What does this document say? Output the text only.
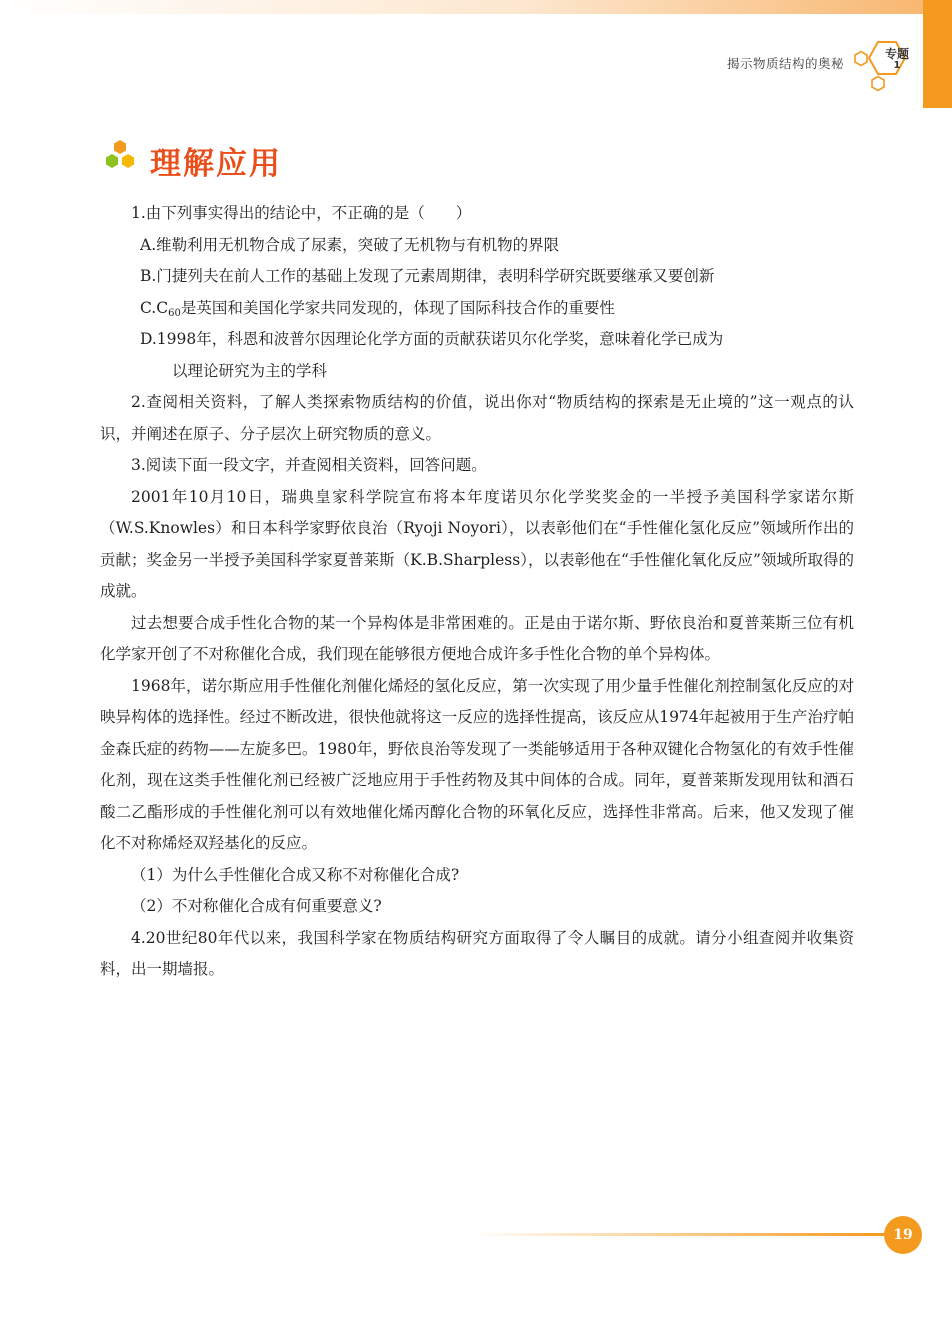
揭示物质结构的奥秘
专题
1
理解应用

1.由下列事实得出的结论中，不正确的是（　　）

A.维勒利用无机物合成了尿素，突破了无机物与有机物的界限

B.门捷列夫在前人工作的基础上发现了元素周期律，表明科学研究既要继承又要创新

$C.C_{60}$是英国和美国化学家共同发现的，体现了国际科技合作的重要性

D.1998年，科恩和波普尔因理论化学方面的贡献获诺贝尔化学奖，意味着化学已成为

以理论研究为主的学科

2.查阅相关资料，了解人类探索物质结构的价值，说出你对“物质结构的探索是无止境的”这一观点的认识，并阐述在原子、分子层次上研究物质的意义。

3.阅读下面一段文字，并查阅相关资料，回答问题。

2001年10月10日，瑞典皇家科学院宣布将本年度诺贝尔化学奖奖金的一半授予美国科学家诺尔斯（W.S.Knowles）和日本科学家野依良治（Ryoji Noyori），以表彰他们在“手性催化氢化反应”领域所作出的贡献；奖金另一半授予美国科学家夏普莱斯（K.B.Sharpless），以表彰他在“手性催化氧化反应”领域所取得的成就。

过去想要合成手性化合物的某一个异构体是非常困难的。正是由于诺尔斯、野依良治和夏普莱斯三位有机化学家开创了不对称催化合成，我们现在能够很方便地合成许多手性化合物的单个异构体。

1968年，诺尔斯应用手性催化剂催化烯烃的氢化反应，第一次实现了用少量手性催化剂控制氢化反应的对映异构体的选择性。经过不断改进，很快他就将这一反应的选择性提高，该反应从1974年起被用于生产治疗帕金森氏症的药物——左旋多巴。1980年，野依良治等发现了一类能够适用于各种双键化合物氢化的有效手性催化剂，现在这类手性催化剂已经被广泛地应用于手性药物及其中间体的合成。同年，夏普莱斯发现用钛和酒石酸二乙酯形成的手性催化剂可以有效地催化烯丙醇化合物的环氧化反应，选择性非常高。后来，他又发现了催化不对称烯烃双羟基化的反应。

（1）为什么手性催化合成又称不对称催化合成?

（2）不对称催化合成有何重要意义?

4.20世纪80年代以来，我国科学家在物质结构研究方面取得了令人瞩目的成就。请分小组查阅并收集资料，出一期墙报。

19
